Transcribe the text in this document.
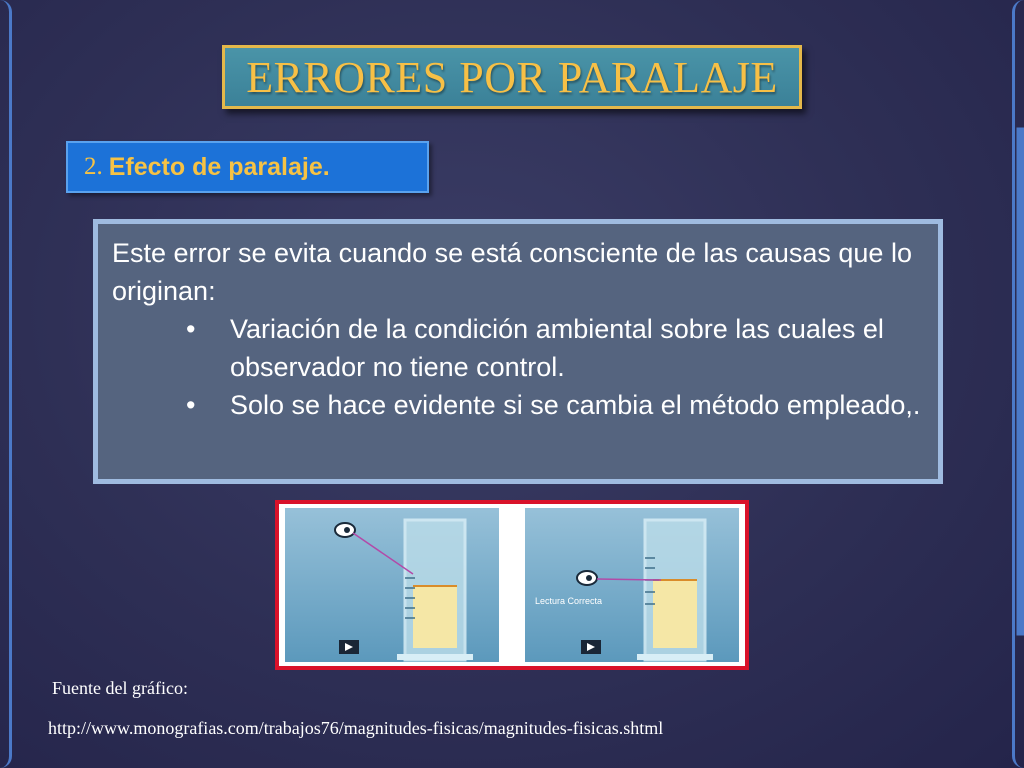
ERRORES POR PARALAJE
2. Efecto de paralaje.

Este error se evita cuando se está consciente de las causas que lo originan:

• Variación de la condición ambiental sobre las cuales el observador no tiene control.
• Solo se hace evidente si se cambia el método empleado,.
Lectura Correcta
Fuente del gráfico:
http://www.monografias.com/trabajos76/magnitudes-fisicas/magnitudes-fisicas.shtml
